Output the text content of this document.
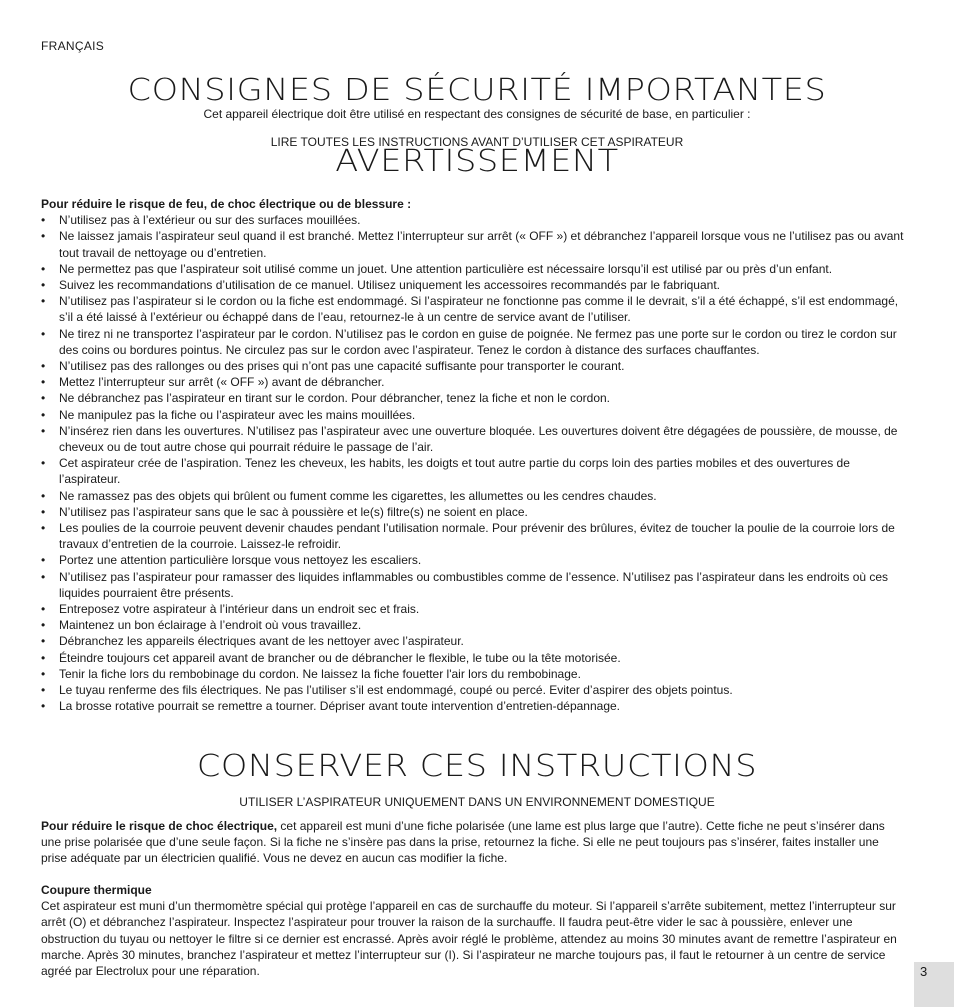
FRANÇAIS
CONSIGNES DE SÉCURITÉ IMPORTANTES
Cet appareil électrique doit être utilisé en respectant des consignes de sécurité de base, en particulier :
LIRE TOUTES LES INSTRUCTIONS AVANT D’UTILISER CET ASPIRATEUR
AVERTISSEMENT

Pour réduire le risque de feu, de choc électrique ou de blessure :

• N’utilisez pas à l’extérieur ou sur des surfaces mouillées.
• Ne laissez jamais l’aspirateur seul quand il est branché. Mettez l’interrupteur sur arrêt (« OFF ») et débranchez l’appareil lorsque vous ne l’utilisez pas ou avant tout travail de nettoyage ou d’entretien.
• Ne permettez pas que l’aspirateur soit utilisé comme un jouet. Une attention particulière est nécessaire lorsqu’il est utilisé par ou près d’un enfant.
• Suivez les recommandations d’utilisation de ce manuel. Utilisez uniquement les accessoires recommandés par le fabriquant.
• N’utilisez pas l’aspirateur si le cordon ou la fiche est endommagé. Si l’aspirateur ne fonctionne pas comme il le devrait, s’il a été échappé, s’il est endommagé, s’il a été laissé à l’extérieur ou échappé dans de l’eau, retournez-le à un centre de service avant de l’utiliser.
• Ne tirez ni ne transportez l’aspirateur par le cordon. N’utilisez pas le cordon en guise de poignée. Ne fermez pas une porte sur le cordon ou tirez le cordon sur des coins ou bordures pointus. Ne circulez pas sur le cordon avec l’aspirateur. Tenez le cordon à distance des surfaces chauffantes.
• N’utilisez pas des rallonges ou des prises qui n’ont pas une capacité suffisante pour transporter le courant.
• Mettez l’interrupteur sur arrêt (« OFF ») avant de débrancher.
• Ne débranchez pas l’aspirateur en tirant sur le cordon. Pour débrancher, tenez la fiche et non le cordon.
• Ne manipulez pas la fiche ou l’aspirateur avec les mains mouillées.
• N’insérez rien dans les ouvertures. N’utilisez pas l’aspirateur avec une ouverture bloquée. Les ouvertures doivent être dégagées de poussière, de mousse, de cheveux ou de tout autre chose qui pourrait réduire le passage de l’air.
• Cet aspirateur crée de l’aspiration. Tenez les cheveux, les habits, les doigts et tout autre partie du corps loin des parties mobiles et des ouvertures de l’aspirateur.
• Ne ramassez pas des objets qui brûlent ou fument comme les cigarettes, les allumettes ou les cendres chaudes.
• N’utilisez pas l’aspirateur sans que le sac à poussière et le(s) filtre(s) ne soient en place.
• Les poulies de la courroie peuvent devenir chaudes pendant l’utilisation normale. Pour prévenir des brûlures, évitez de toucher la poulie de la courroie lors de travaux d’entretien de la courroie. Laissez-le refroidir.
• Portez une attention particulière lorsque vous nettoyez les escaliers.
• N’utilisez pas l’aspirateur pour ramasser des liquides inflammables ou combustibles comme de l’essence. N’utilisez pas l’aspirateur dans les endroits où ces liquides pourraient être présents.
• Entreposez votre aspirateur à l’intérieur dans un endroit sec et frais.
• Maintenez un bon éclairage à l’endroit où vous travaillez.
• Débranchez les appareils électriques avant de les nettoyer avec l’aspirateur.
• Éteindre toujours cet appareil avant de brancher ou de débrancher le flexible, le tube ou la tête motorisée.
• Tenir la fiche lors du rembobinage du cordon. Ne laissez la fiche fouetter l'air lors du rembobinage.
• Le tuyau renferme des fils électriques. Ne pas l’utiliser s’il est endommagé, coupé ou percé. Eviter d’aspirer des objets pointus.
• La brosse rotative pourrait se remettre a tourner. Dépriser avant toute intervention d’entretien-dépannage.
CONSERVER CES INSTRUCTIONS
UTILISER L’ASPIRATEUR UNIQUEMENT DANS UN ENVIRONNEMENT DOMESTIQUE

Pour réduire le risque de choc électrique, cet appareil est muni d’une fiche polarisée (une lame est plus large que l’autre). Cette fiche ne peut s’insérer dans une prise polarisée que d’une seule façon. Si la fiche ne s’insère pas dans la prise, retournez la fiche. Si elle ne peut toujours pas s’insérer, faites installer une prise adéquate par un électricien qualifié. Vous ne devez en aucun cas modifier la fiche.

Coupure thermique
Cet aspirateur est muni d’un thermomètre spécial qui protège l’appareil en cas de surchauffe du moteur. Si l’appareil s’arrête subitement, mettez l’interrupteur sur arrêt (O) et débranchez l’aspirateur. Inspectez l’aspirateur pour trouver la raison de la surchauffe. Il faudra peut-être vider le sac à poussière, enlever une obstruction du tuyau ou nettoyer le filtre si ce dernier est encrassé. Après avoir réglé le problème, attendez au moins 30 minutes avant de remettre l’aspirateur en marche. Après 30 minutes, branchez l’aspirateur et mettez l’interrupteur sur (I). Si l’aspirateur ne marche toujours pas, il faut le retourner à un centre de service agréé par Electrolux pour une réparation.	3
